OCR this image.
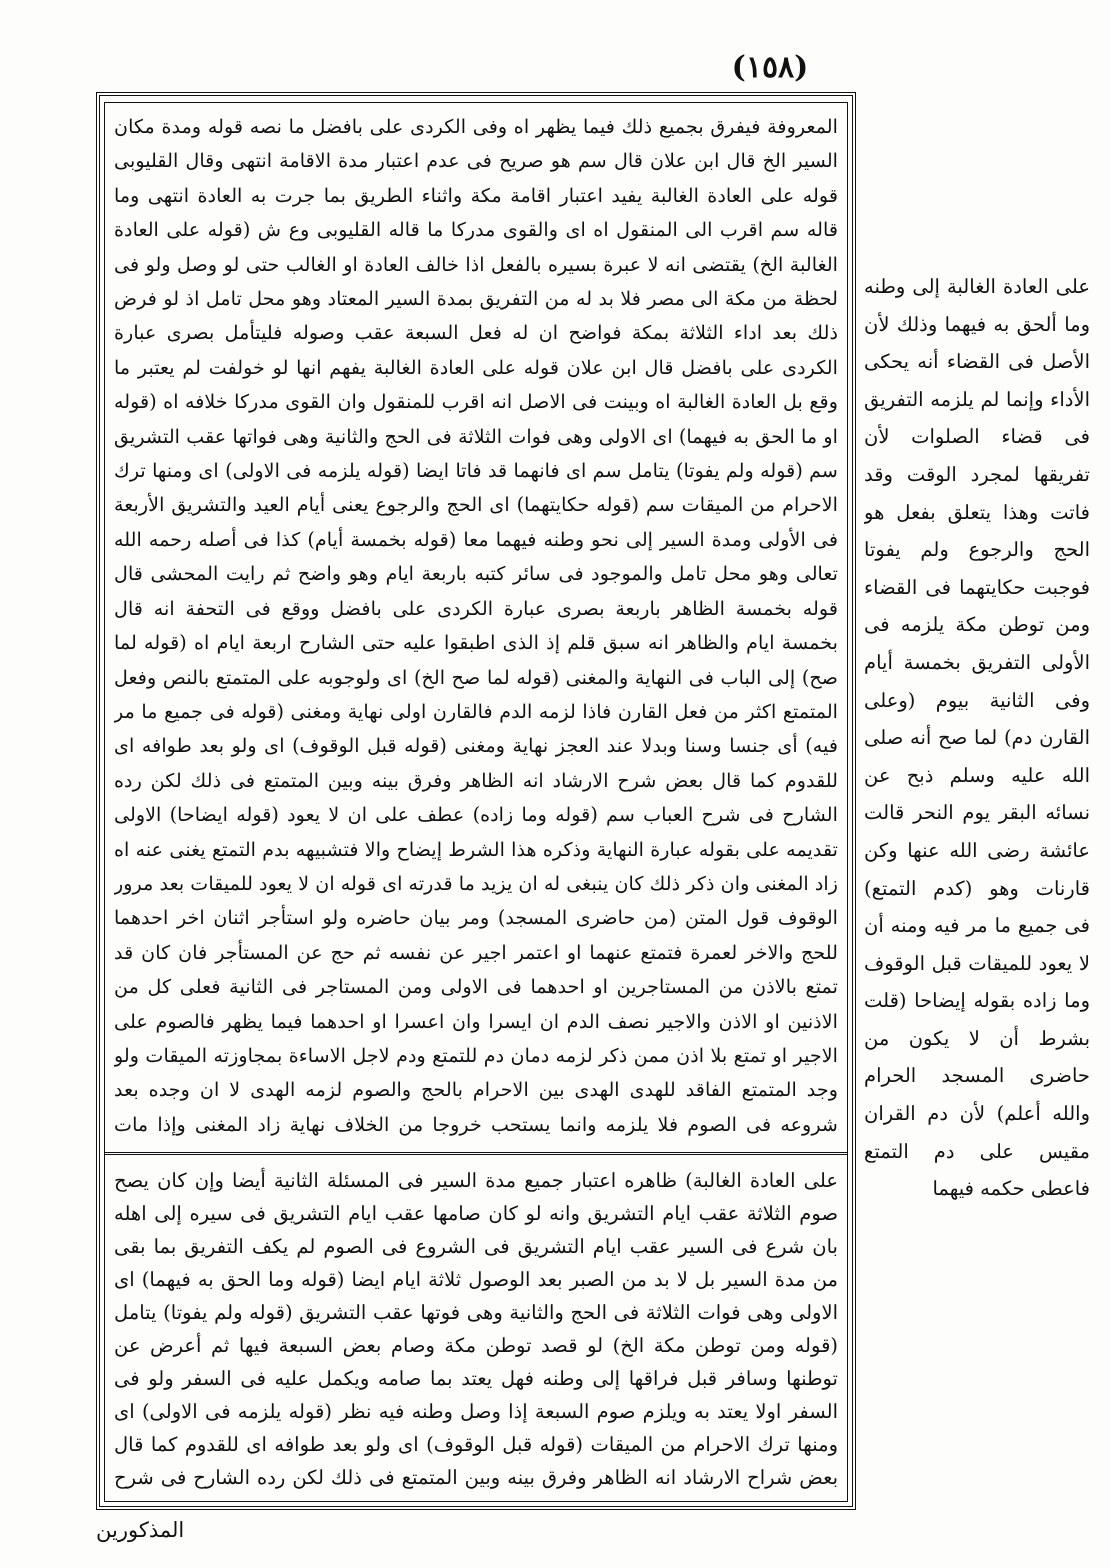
(١٥٨)
المعروفة فيفرق بجميع ذلك فيما يظهر اه وفى الكردى على بافضل ما نصه قوله ومدة مكان السير الخ قال ابن علان قال سم هو صريح فى عدم اعتبار مدة الاقامة انتهى وقال القليوبى قوله على العادة الغالبة يفيد اعتبار اقامة مكة واثناء الطريق بما جرت به العادة انتهى وما قاله سم اقرب الى المنقول اه اى والقوى مدركا ما قاله القليوبى وع ش (قوله على العادة الغالبة الخ) يقتضى انه لا عبرة بسيره بالفعل اذا خالف العادة او الغالب حتى لو وصل ولو فى لحظة من مكة الى مصر فلا بد له من التفريق بمدة السير المعتاد وهو محل تامل اذ لو فرض ذلك بعد اداء الثلاثة بمكة فواضح ان له فعل السبعة عقب وصوله فليتأمل بصرى عبارة الكردى على بافضل قال ابن علان قوله على العادة الغالبة يفهم انها لو خولفت لم يعتبر ما وقع بل العادة الغالبة اه وبينت فى الاصل انه اقرب للمنقول وان القوى مدركا خلافه اه (قوله او ما الحق به فيهما) اى الاولى وهى فوات الثلاثة فى الحج والثانية وهى فواتها عقب التشريق سم (قوله ولم يفوتا) يتامل سم اى فانهما قد فاتا ايضا (قوله يلزمه فى الاولى) اى ومنها ترك الاحرام من الميقات سم (قوله حكايتهما) اى الحج والرجوع يعنى أيام العيد والتشريق الأربعة فى الأولى ومدة السير إلى نحو وطنه فيهما معا (قوله بخمسة أيام) كذا فى أصله رحمه الله تعالى وهو محل تامل والموجود فى سائر كتبه باربعة ايام وهو واضح ثم رايت المحشى قال قوله بخمسة الظاهر باربعة بصرى عبارة الكردى على بافضل ووقع فى التحفة انه قال بخمسة ايام والظاهر انه سبق قلم إذ الذى اطبقوا عليه حتى الشارح اربعة ايام اه (قوله لما صح) إلى الباب فى النهاية والمغنى (قوله لما صح الخ) اى ولوجوبه على المتمتع بالنص وفعل المتمتع اكثر من فعل القارن فاذا لزمه الدم فالقارن اولى نهاية ومغنى (قوله فى جميع ما مر فيه) أى جنسا وسنا وبدلا عند العجز نهاية ومغنى (قوله قبل الوقوف) اى ولو بعد طوافه اى للقدوم كما قال بعض شرح الارشاد انه الظاهر وفرق بينه وبين المتمتع فى ذلك لكن رده الشارح فى شرح العباب سم (قوله وما زاده) عطف على ان لا يعود (قوله ايضاحا) الاولى تقديمه على بقوله عبارة النهاية وذكره هذا الشرط إيضاح والا فتشبيهه بدم التمتع يغنى عنه اه زاد المغنى وان ذكر ذلك كان ينبغى له ان يزيد ما قدرته اى قوله ان لا يعود للميقات بعد مرور الوقوف قول المتن (من حاضرى المسجد) ومر بيان حاضره ولو استأجر اثنان اخر احدهما للحج والاخر لعمرة فتمتع عنهما او اعتمر اجير عن نفسه ثم حج عن المستأجر فان كان قد تمتع بالاذن من المستاجرين او احدهما فى الاولى ومن المستاجر فى الثانية فعلى كل من الاذنين او الاذن والاجير نصف الدم ان ايسرا وان اعسرا او احدهما فيما يظهر فالصوم على الاجير او تمتع بلا اذن ممن ذكر لزمه دمان دم للتمتع ودم لاجل الاساءة بمجاوزته الميقات ولو وجد المتمتع الفاقد للهدى الهدى بين الاحرام بالحج والصوم لزمه الهدى لا ان وجده بعد شروعه فى الصوم فلا يلزمه وانما يستحب خروجا من الخلاف نهاية زاد المغنى وإذا مات
على العادة الغالبة) ظاهره اعتبار جميع مدة السير فى المسئلة الثانية أيضا وإن كان يصح صوم الثلاثة عقب ايام التشريق وانه لو كان صامها عقب ايام التشريق فى سيره إلى اهله بان شرع فى السير عقب ايام التشريق فى الشروع فى الصوم لم يكف التفريق بما بقى من مدة السير بل لا بد من الصبر بعد الوصول ثلاثة ايام ايضا (قوله وما الحق به فيهما) اى الاولى وهى فوات الثلاثة فى الحج والثانية وهى فوتها عقب التشريق (قوله ولم يفوتا) يتامل (قوله ومن توطن مكة الخ) لو قصد توطن مكة وصام بعض السبعة فيها ثم أعرض عن توطنها وسافر قبل فراقها إلى وطنه فهل يعتد بما صامه ويكمل عليه فى السفر ولو فى السفر اولا يعتد به ويلزم صوم السبعة إذا وصل وطنه فيه نظر (قوله يلزمه فى الاولى) اى ومنها ترك الاحرام من الميقات (قوله قبل الوقوف) اى ولو بعد طوافه اى للقدوم كما قال بعض شراح الارشاد انه الظاهر وفرق بينه وبين المتمتع فى ذلك لكن رده الشارح فى شرح
على العادة الغالبة إلى وطنه وما ألحق به فيهما وذلك لأن الأصل فى القضاء أنه يحكى الأداء وإنما لم يلزمه التفريق فى قضاء الصلوات لأن تفريقها لمجرد الوقت وقد فاتت وهذا يتعلق بفعل هو الحج والرجوع ولم يفوتا فوجبت حكايتهما فى القضاء ومن توطن مكة يلزمه فى الأولى التفريق بخمسة أيام وفى الثانية بيوم (وعلى القارن دم) لما صح أنه صلى الله عليه وسلم ذبح عن نسائه البقر يوم النحر قالت عائشة رضى الله عنها وكن قارنات وهو (كدم التمتع) فى جميع ما مر فيه ومنه أن لا يعود للميقات قبل الوقوف وما زاده بقوله إيضاحا (قلت بشرط أن لا يكون من حاضرى المسجد الحرام والله أعلم) لأن دم القران مقيس على دم التمتع فاعطى حكمه فيهما
المذكورين
